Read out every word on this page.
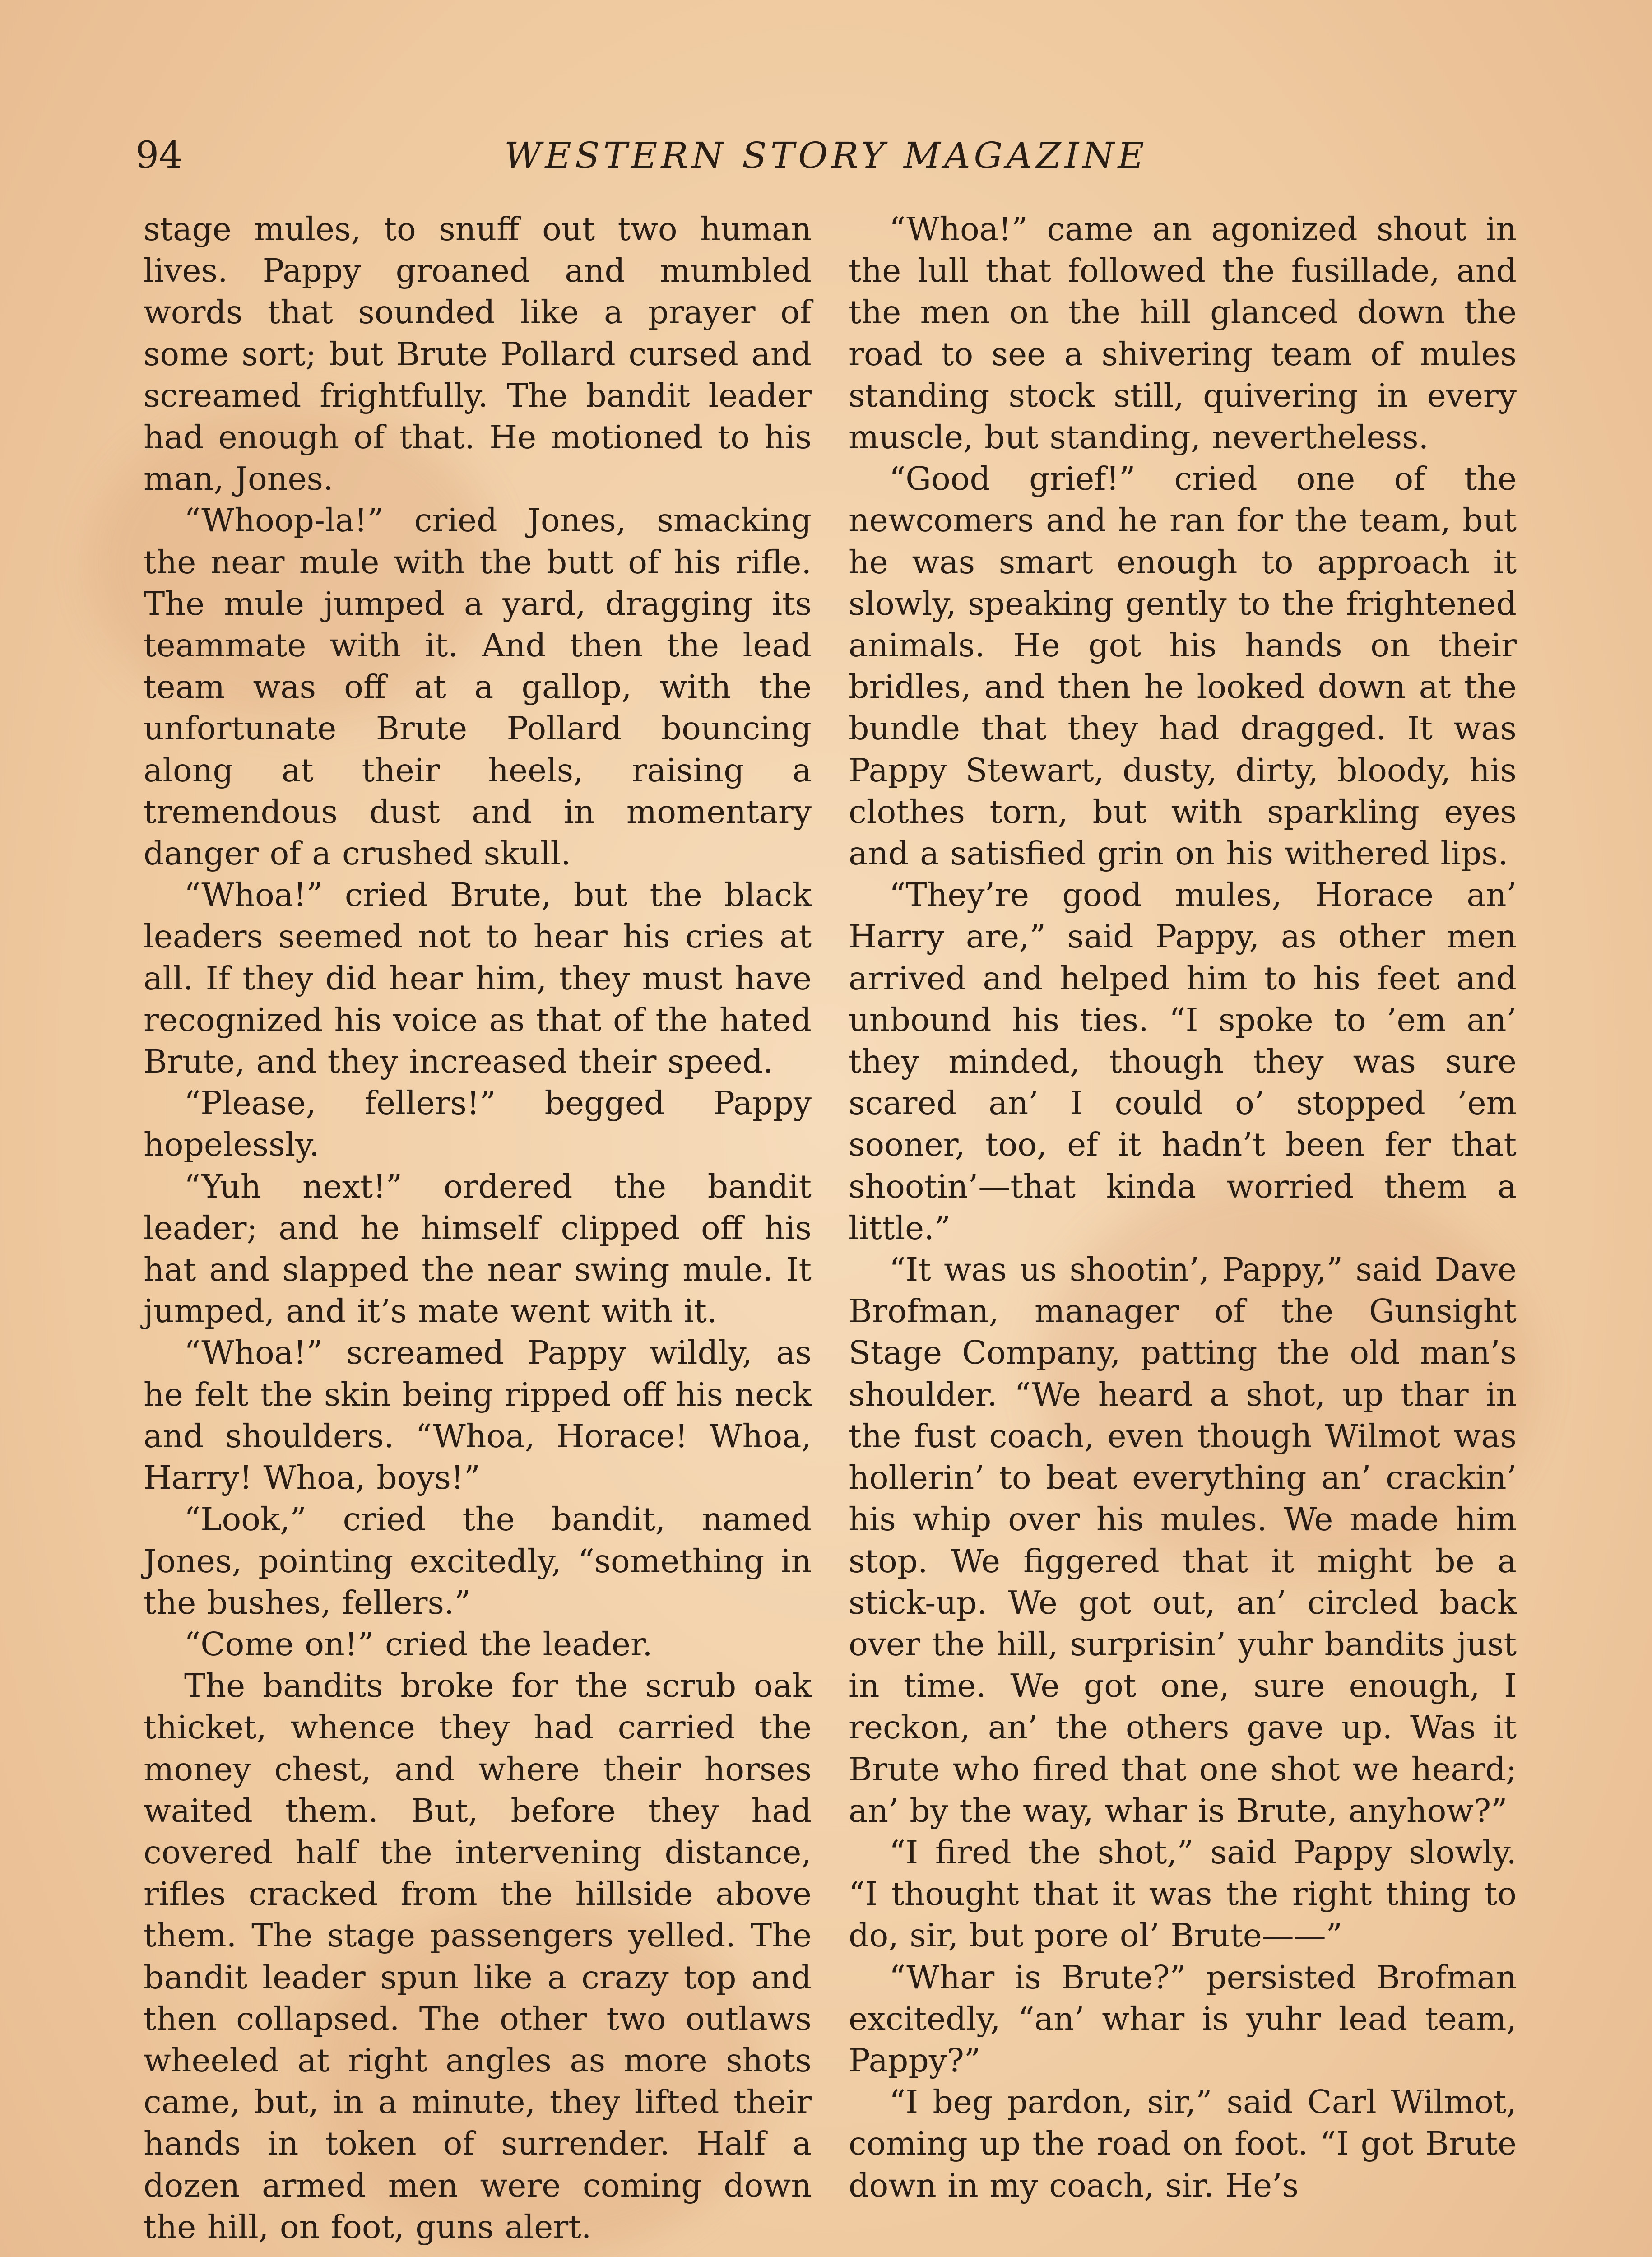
94	WESTERN STORY MAGAZINE

stage mules, to snuff out two human lives. Pappy groaned and mumbled words that sounded like a prayer of some sort; but Brute Pollard cursed and screamed frightfully. The bandit leader had enough of that. He motioned to his man, Jones.

“Whoop-la!” cried Jones, smacking the near mule with the butt of his rifle. The mule jumped a yard, dragging its teammate with it. And then the lead team was off at a gallop, with the unfortunate Brute Pollard bouncing along at their heels, raising a tremendous dust and in momentary danger of a crushed skull.

“Whoa!” cried Brute, but the black leaders seemed not to hear his cries at all. If they did hear him, they must have recognized his voice as that of the hated Brute, and they increased their speed.

“Please, fellers!” begged Pappy hopelessly.

“Yuh next!” ordered the bandit leader; and he himself clipped off his hat and slapped the near swing mule. It jumped, and it’s mate went with it.

“Whoa!” screamed Pappy wildly, as he felt the skin being ripped off his neck and shoulders. “Whoa, Horace! Whoa, Harry! Whoa, boys!”

“Look,” cried the bandit, named Jones, pointing excitedly, “something in the bushes, fellers.”

“Come on!” cried the leader.

The bandits broke for the scrub oak thicket, whence they had carried the money chest, and where their horses waited them. But, before they had covered half the intervening distance, rifles cracked from the hillside above them. The stage passengers yelled. The bandit leader spun like a crazy top and then collapsed. The other two outlaws wheeled at right angles as more shots came, but, in a minute, they lifted their hands in token of surrender. Half a dozen armed men were coming down the hill, on foot, guns alert.

“Whoa!” came an agonized shout in the lull that followed the fusillade, and the men on the hill glanced down the road to see a shivering team of mules standing stock still, quivering in every muscle, but standing, nevertheless.

“Good grief!” cried one of the newcomers and he ran for the team, but he was smart enough to approach it slowly, speaking gently to the frightened animals. He got his hands on their bridles, and then he looked down at the bundle that they had dragged. It was Pappy Stewart, dusty, dirty, bloody, his clothes torn, but with sparkling eyes and a satisfied grin on his withered lips.

“They’re good mules, Horace an’ Harry are,” said Pappy, as other men arrived and helped him to his feet and unbound his ties. “I spoke to ’em an’ they minded, though they was sure scared an’ I could o’ stopped ’em sooner, too, ef it hadn’t been fer that shootin’—that kinda worried them a little.”

“It was us shootin’, Pappy,” said Dave Brofman, manager of the Gunsight Stage Company, patting the old man’s shoulder. “We heard a shot, up thar in the fust coach, even though Wilmot was hollerin’ to beat everything an’ crackin’ his whip over his mules. We made him stop. We figgered that it might be a stick-up. We got out, an’ circled back over the hill, surprisin’ yuhr bandits just in time. We got one, sure enough, I reckon, an’ the others gave up. Was it Brute who fired that one shot we heard; an’ by the way, whar is Brute, anyhow?”

“I fired the shot,” said Pappy slowly. “I thought that it was the right thing to do, sir, but pore ol’ Brute——”

“Whar is Brute?” persisted Brofman excitedly, “an’ whar is yuhr lead team, Pappy?”

“I beg pardon, sir,” said Carl Wilmot, coming up the road on foot. “I got Brute down in my coach, sir. He’s
